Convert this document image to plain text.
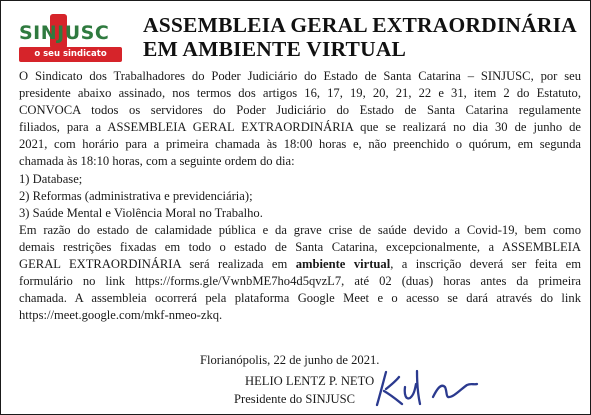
SINJUSC
o seu sindicato
ASSEMBLEIA GERAL EXTRAORDINÁRIA
EM AMBIENTE VIRTUAL
O Sindicato dos Trabalhadores do Poder Judiciário do Estado de Santa Catarina – SINJUSC, por seu
presidente abaixo assinado, nos termos dos artigos 16, 17, 19, 20, 21, 22 e 31, item 2 do Estatuto,
CONVOCA todos os servidores do Poder Judiciário do Estado de Santa Catarina regulamente
filiados, para a ASSEMBLEIA GERAL EXTRAORDINÁRIA que se realizará no dia 30 de junho de
2021, com horário para a primeira chamada às 18:00 horas e, não preenchido o quórum, em segunda
chamada às 18:10 horas, com a seguinte ordem do dia:
1) Database;
2) Reformas (administrativa e previdenciária);
3) Saúde Mental e Violência Moral no Trabalho.
Em razão do estado de calamidade pública e da grave crise de saúde devido a Covid-19, bem como
demais restrições fixadas em todo o estado de Santa Catarina, excepcionalmente, a ASSEMBLEIA
GERAL EXTRAORDINÁRIA será realizada em ambiente virtual, a inscrição deverá ser feita em
formulário no link https://forms.gle/VwnbME7ho4d5qvzL7, até 02 (duas) horas antes da primeira
chamada. A assembleia ocorrerá pela plataforma Google Meet e o acesso se dará através do link
https://meet.google.com/mkf-nmeo-zkq.
Florianópolis, 22 de junho de 2021.
HELIO LENTZ P. NETO
Presidente do SINJUSC
